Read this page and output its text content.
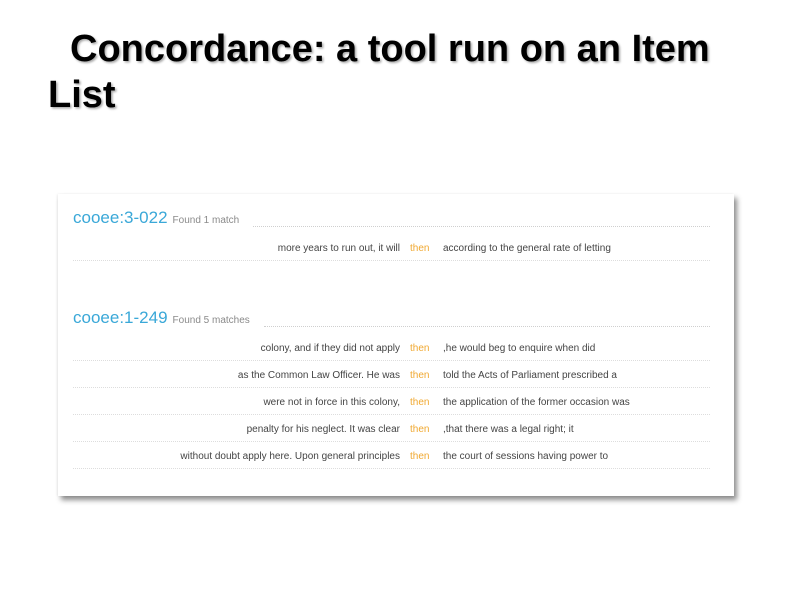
Concordance: a tool run on an Item List
cooee:3-022 Found 1 match
more years to run out, it will then according to the general rate of letting
cooee:1-249 Found 5 matches
colony, and if they did not apply then ,he would beg to enquire when did
as the Common Law Officer. He was then told the Acts of Parliament prescribed a
were not in force in this colony, then the application of the former occasion was
penalty for his neglect. It was clear then ,that there was a legal right; it
without doubt apply here. Upon general principles then the court of sessions having power to
